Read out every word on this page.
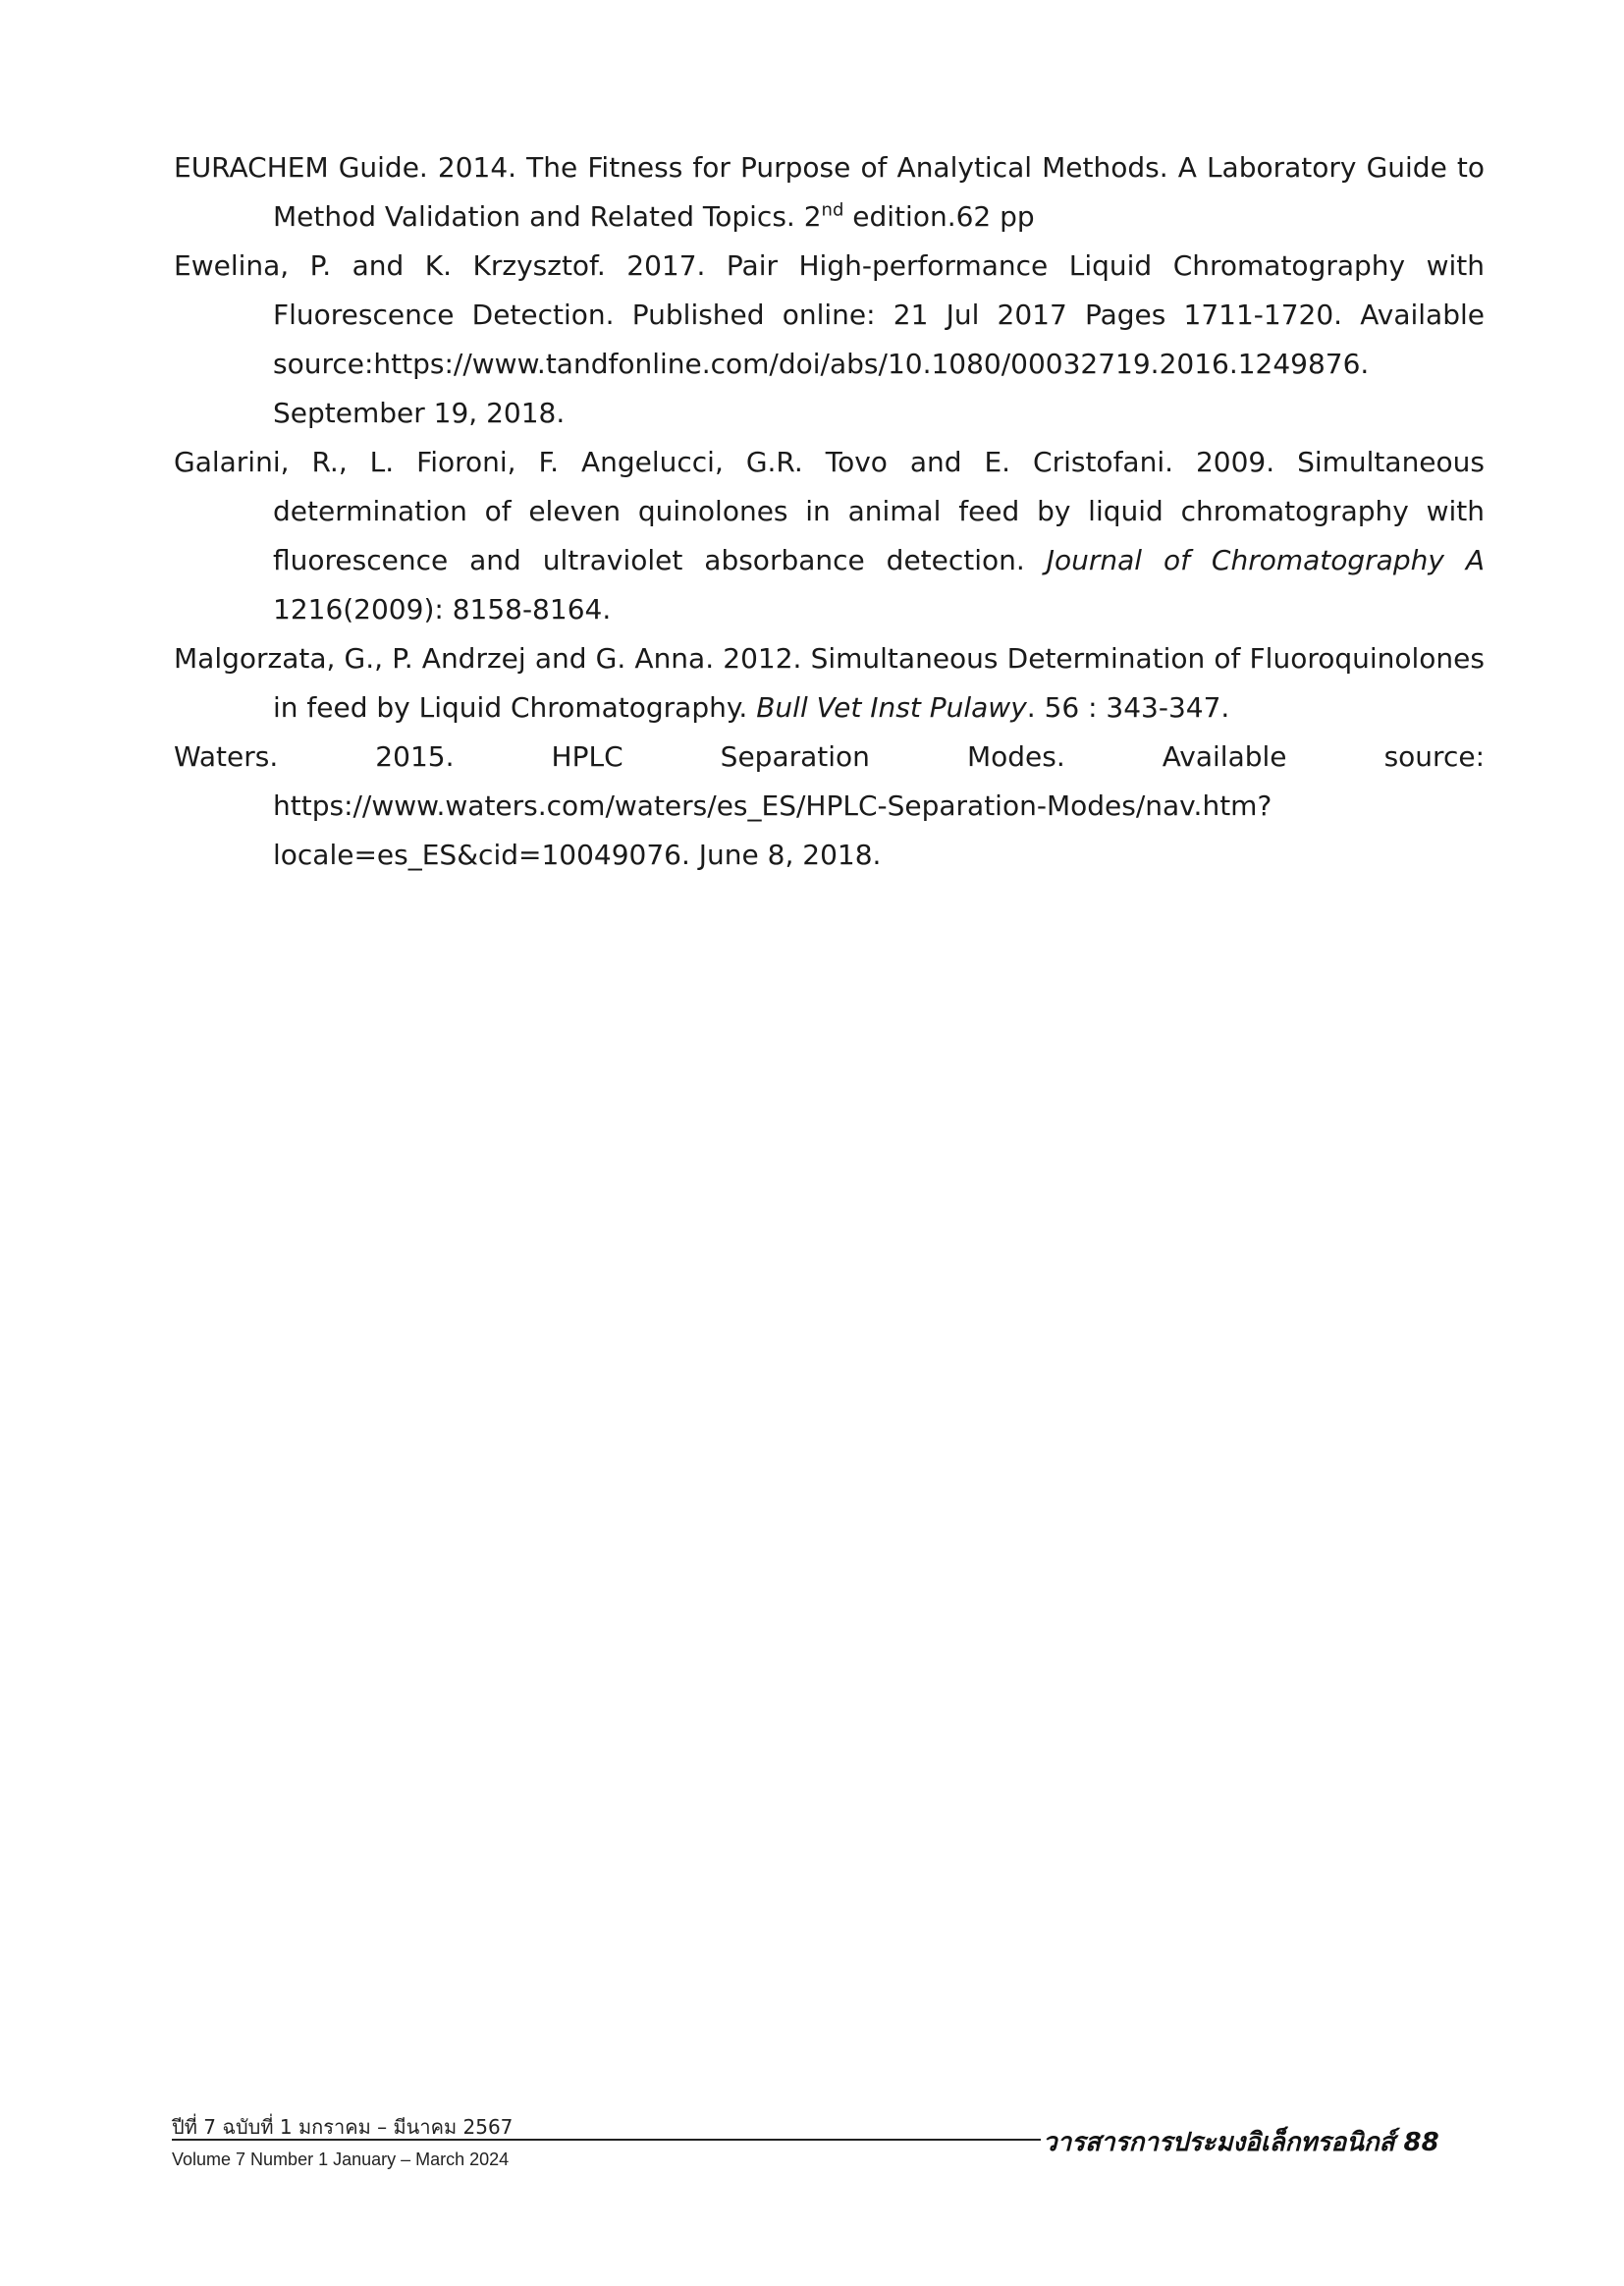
EURACHEM Guide. 2014. The Fitness for Purpose of Analytical Methods. A Laboratory Guide to Method Validation and Related Topics. 2nd edition.62 pp

Ewelina, P. and K. Krzysztof. 2017. Pair High-performance Liquid Chromatography with Fluorescence Detection. Published online: 21 Jul 2017 Pages 1711-1720. Available source:https://www.tandfonline.com/doi/abs/10.1080/00032719.2016.1249876. September 19, 2018.

Galarini, R., L. Fioroni, F. Angelucci, G.R. Tovo and E. Cristofani. 2009. Simultaneous determination of eleven quinolones in animal feed by liquid chromatography with fluorescence and ultraviolet absorbance detection. Journal of Chromatography A 1216(2009): 8158-8164.

Malgorzata, G., P. Andrzej and G. Anna. 2012. Simultaneous Determination of Fluoroquinolones in feed by Liquid Chromatography. Bull Vet Inst Pulawy. 56 : 343-347.

Waters. 2015. HPLC Separation Modes. Available source: https://www.waters.com/waters/es_ES/HPLC-Separation-Modes/nav.htm?locale=es_ES&cid=10049076. June 8, 2018.

ปีที่ 7 ฉบับที่ 1 มกราคม – มีนาคม 2567
วารสารการประมงอิเล็กทรอนิกส์ 88
Volume 7 Number 1 January – March 2024
